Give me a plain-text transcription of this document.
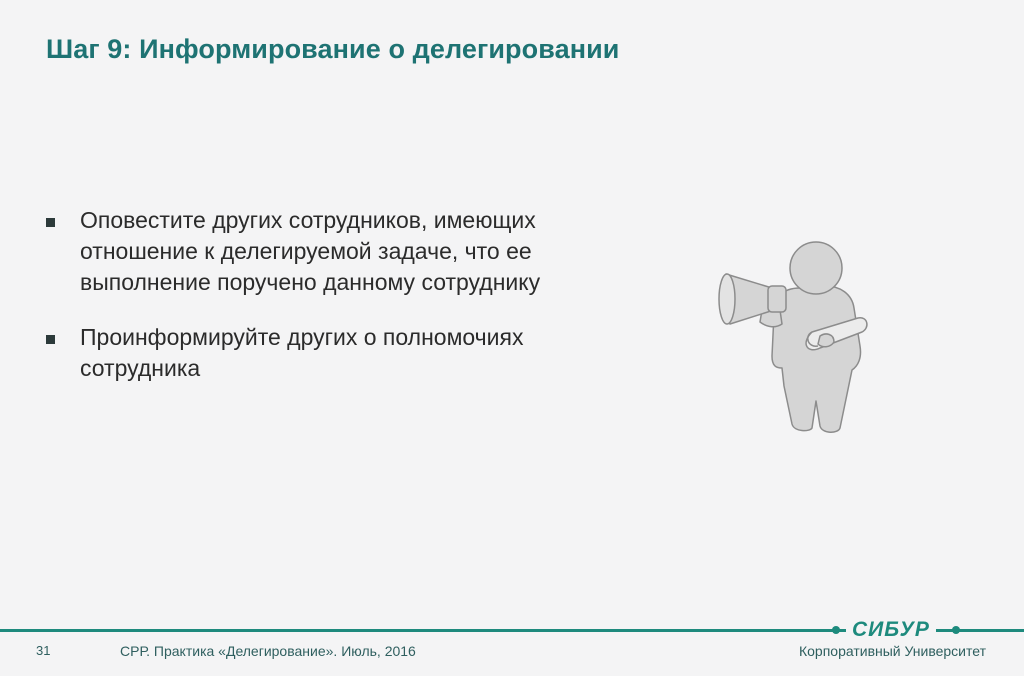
Шаг 9: Информирование о делегировании
Оповестите других сотрудников, имеющих отношение к делегируемой задаче, что ее выполнение поручено данному сотруднику
Проинформируйте других о полномочиях сотрудника
СИБУР
31	СРР. Практика «Делегирование». Июль, 2016	Корпоративный Университет
